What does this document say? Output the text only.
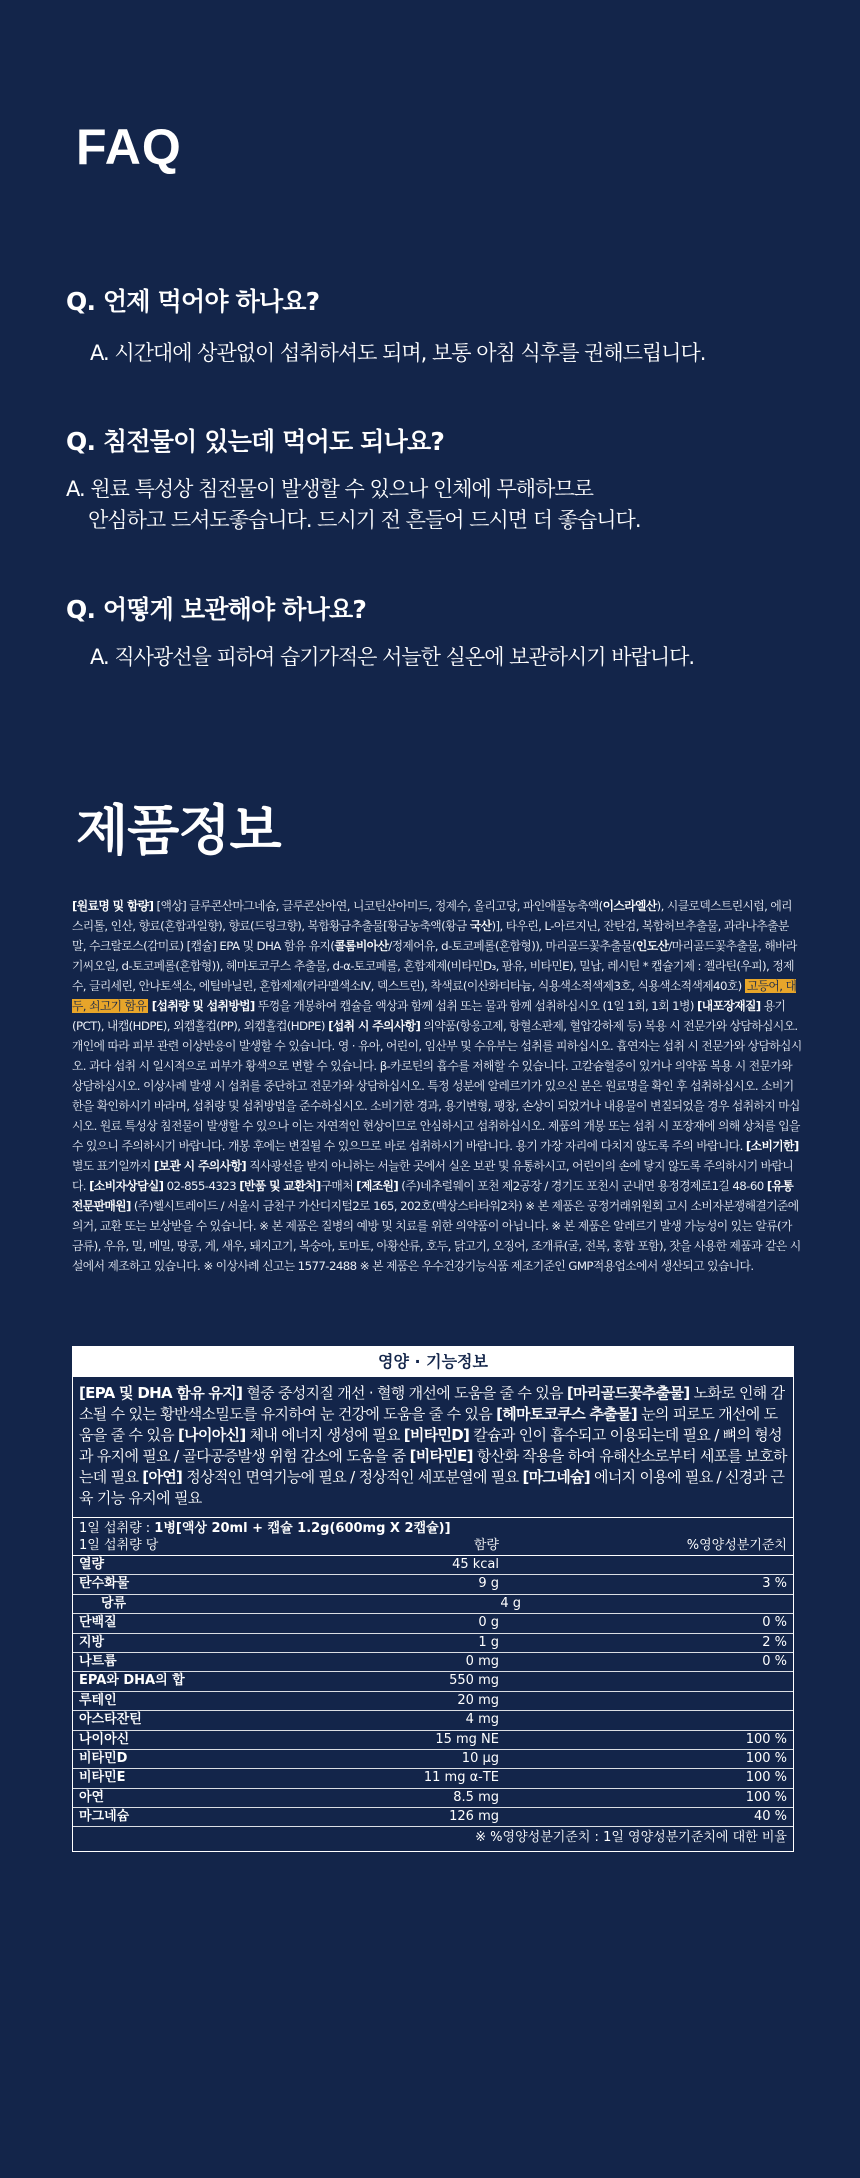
FAQ

Q. 언제 먹어야 하나요?

A. 시간대에 상관없이 섭취하셔도 되며, 보통 아침 식후를 권해드립니다.

Q. 침전물이 있는데 먹어도 되나요?

A. 원료 특성상 침전물이 발생할 수 있으나 인체에 무해하므로
안심하고 드셔도좋습니다. 드시기 전 흔들어 드시면 더 좋습니다.

Q. 어떻게 보관해야 하나요?

A. 직사광선을 피하여 습기가적은 서늘한 실온에 보관하시기 바랍니다.

제품정보

[원료명 및 함량] [액상] 글루콘산마그네슘, 글루콘산아연, 니코틴산아미드, 정제수, 올리고당, 파인애플농축액(이스라엘산), 시클로덱스트린시럽, 에리스리톨, 인산, 향료(혼합과일향), 향료(드링크향), 복합황금추출물[황금농축액(황금 국산)], 타우린, L-아르지닌, 잔탄검, 복합허브추출물, 과라나추출분말, 수크랄로스(감미료) [캡슐] EPA 및 DHA 함유 유지(콜롬비아산/정제어유, d-토코페롤(혼합형)), 마리골드꽃추출물(인도산/마리골드꽃추출물, 해바라기씨오일, d-토코페롤(혼합형)), 헤마토코쿠스 추출물, d-α-토코페롤, 혼합제제(비타민D₃, 팜유, 비타민E), 밀납, 레시틴 * 캡슐기제 : 젤라틴(우피), 정제수, 글리세린, 안나토색소, 에틸바닐린, 혼합제제(카라멜색소IV, 덱스트린), 착색료(이산화티타늄, 식용색소적색제3호, 식용색소적색제40호) 고등어, 대두, 쇠고기 함유 [섭취량 및 섭취방법] 뚜껑을 개봉하여 캡슐을 액상과 함께 섭취 또는 물과 함께 섭취하십시오 (1일 1회, 1회 1병) [내포장재질] 용기(PCT), 내캡(HDPE), 외캡홀컵(PP), 외캡홀컵(HDPE) [섭취 시 주의사항] 의약품(항응고제, 항혈소판제, 혈압강하제 등) 복용 시 전문가와 상담하십시오. 개인에 따라 피부 관련 이상반응이 발생할 수 있습니다. 영 · 유아, 어린이, 임산부 및 수유부는 섭취를 피하십시오. 흡연자는 섭취 시 전문가와 상담하십시오. 과다 섭취 시 일시적으로 피부가 황색으로 변할 수 있습니다. β-카로틴의 흡수를 저해할 수 있습니다. 고칼슘혈증이 있거나 의약품 복용 시 전문가와 상담하십시오. 이상사례 발생 시 섭취를 중단하고 전문가와 상담하십시오. 특정 성분에 알레르기가 있으신 분은 원료명을 확인 후 섭취하십시오. 소비기한을 확인하시기 바라며, 섭취량 및 섭취방법을 준수하십시오. 소비기한 경과, 용기변형, 팽창, 손상이 되었거나 내용물이 변질되었을 경우 섭취하지 마십시오. 원료 특성상 침전물이 발생할 수 있으나 이는 자연적인 현상이므로 안심하시고 섭취하십시오. 제품의 개봉 또는 섭취 시 포장재에 의해 상처를 입을 수 있으니 주의하시기 바랍니다. 개봉 후에는 변질될 수 있으므로 바로 섭취하시기 바랍니다. 용기 가장 자리에 다치지 않도록 주의 바랍니다. [소비기한] 별도 표기일까지 [보관 시 주의사항] 직사광선을 받지 아니하는 서늘한 곳에서 실온 보관 및 유통하시고, 어린이의 손에 닿지 않도록 주의하시기 바랍니다. [소비자상담실] 02-855-4323 [반품 및 교환처]구매처 [제조원] (주)네추럴웨이 포천 제2공장 / 경기도 포천시 군내면 용정경제로1길 48-60 [유통전문판매원] (주)헬시트레이드 / 서울시 금천구 가산디지털2로 165, 202호(백상스타타워2차) ※ 본 제품은 공정거래위원회 고시 소비자분쟁해결기준에 의거, 교환 또는 보상받을 수 있습니다. ※ 본 제품은 질병의 예방 및 치료를 위한 의약품이 아닙니다. ※ 본 제품은 알레르기 발생 가능성이 있는 알류(가금류), 우유, 밀, 메밀, 땅콩, 게, 새우, 돼지고기, 복숭아, 토마토, 아황산류, 호두, 닭고기, 오징어, 조개류(굴, 전복, 홍합 포함), 잣을 사용한 제품과 같은 시설에서 제조하고 있습니다. ※ 이상사례 신고는 1577-2488 ※ 본 제품은 우수건강기능식품 제조기준인 GMP적용업소에서 생산되고 있습니다.

영양 · 기능정보
[EPA 및 DHA 함유 유지] 혈중 중성지질 개선 · 혈행 개선에 도움을 줄 수 있음 [마리골드꽃추출물] 노화로 인해 감소될 수 있는 황반색소밀도를 유지하여 눈 건강에 도움을 줄 수 있음 [헤마토코쿠스 추출물] 눈의 피로도 개선에 도움을 줄 수 있음 [나이아신] 체내 에너지 생성에 필요 [비타민D] 칼슘과 인이 흡수되고 이용되는데 필요 / 뼈의 형성과 유지에 필요 / 골다공증발생 위험 감소에 도움을 줌 [비타민E] 항산화 작용을 하여 유해산소로부터 세포를 보호하는데 필요 [아연] 정상적인 면역기능에 필요 / 정상적인 세포분열에 필요 [마그네슘] 에너지 이용에 필요 / 신경과 근육 기능 유지에 필요
1일 섭취량 : 1병[액상 20ml + 캡슐 1.2g(600mg X 2캡슐)]
1일 섭취량 당	함량	%영양성분기준치
열량	45 kcal
탄수화물	9 g	3 %
당류	4 g
단백질	0 g	0 %
지방	1 g	2 %
나트륨	0 mg	0 %
EPA와 DHA의 합	550 mg
루테인	20 mg
아스타잔틴	4 mg
나이아신	15 mg NE	100 %
비타민D	10 μg	100 %
비타민E	11 mg α-TE	100 %
아연	8.5 mg	100 %
마그네슘	126 mg	40 %
※ %영양성분기준치 : 1일 영양성분기준치에 대한 비율
